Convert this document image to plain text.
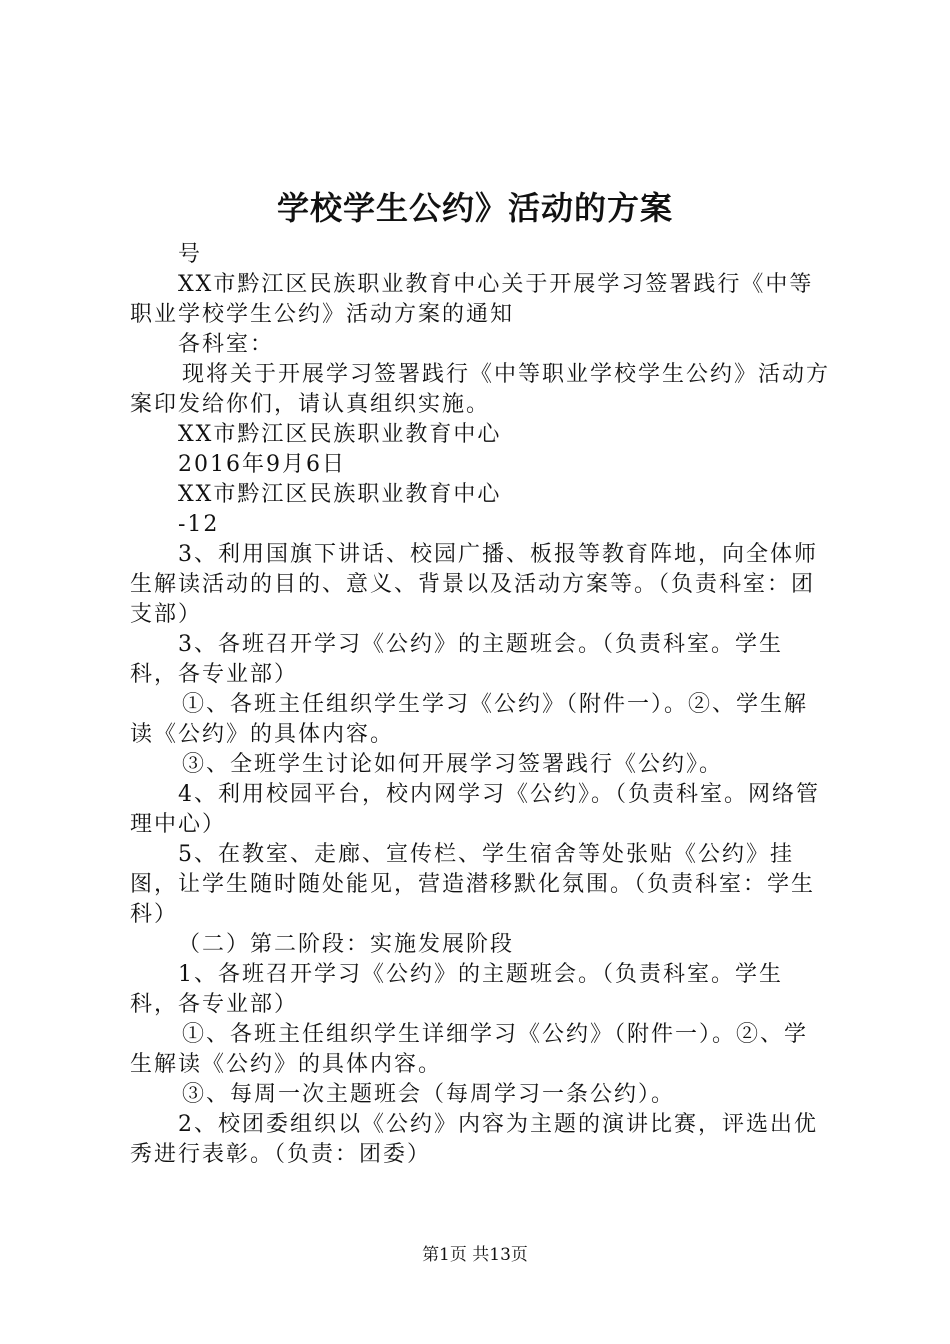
学校学生公约》活动的方案

号

XX市黔江区民族职业教育中心关于开展学习签署践行《中等职业学校学生公约》活动方案的通知

各科室：

现将关于开展学习签署践行《中等职业学校学生公约》活动方案印发给你们，请认真组织实施。

XX市黔江区民族职业教育中心

2016年9月6日

XX市黔江区民族职业教育中心

-12

3、利用国旗下讲话、校园广播、板报等教育阵地，向全体师生解读活动的目的、意义、背景以及活动方案等。（负责科室：团支部）

3、各班召开学习《公约》的主题班会。（负责科室。学生科，各专业部）

①、各班主任组织学生学习《公约》（附件一）。②、学生解读《公约》的具体内容。

③、全班学生讨论如何开展学习签署践行《公约》。

4、利用校园平台，校内网学习《公约》。（负责科室。网络管理中心）

5、在教室、走廊、宣传栏、学生宿舍等处张贴《公约》挂图，让学生随时随处能见，营造潜移默化氛围。（负责科室：学生科）

（二）第二阶段：实施发展阶段

1、各班召开学习《公约》的主题班会。（负责科室。学生科，各专业部）

①、各班主任组织学生详细学习《公约》（附件一）。②、学生解读《公约》的具体内容。

③、每周一次主题班会（每周学习一条公约）。

2、校团委组织以《公约》内容为主题的演讲比赛，评选出优秀进行表彰。（负责：团委）

第1页 共13页
